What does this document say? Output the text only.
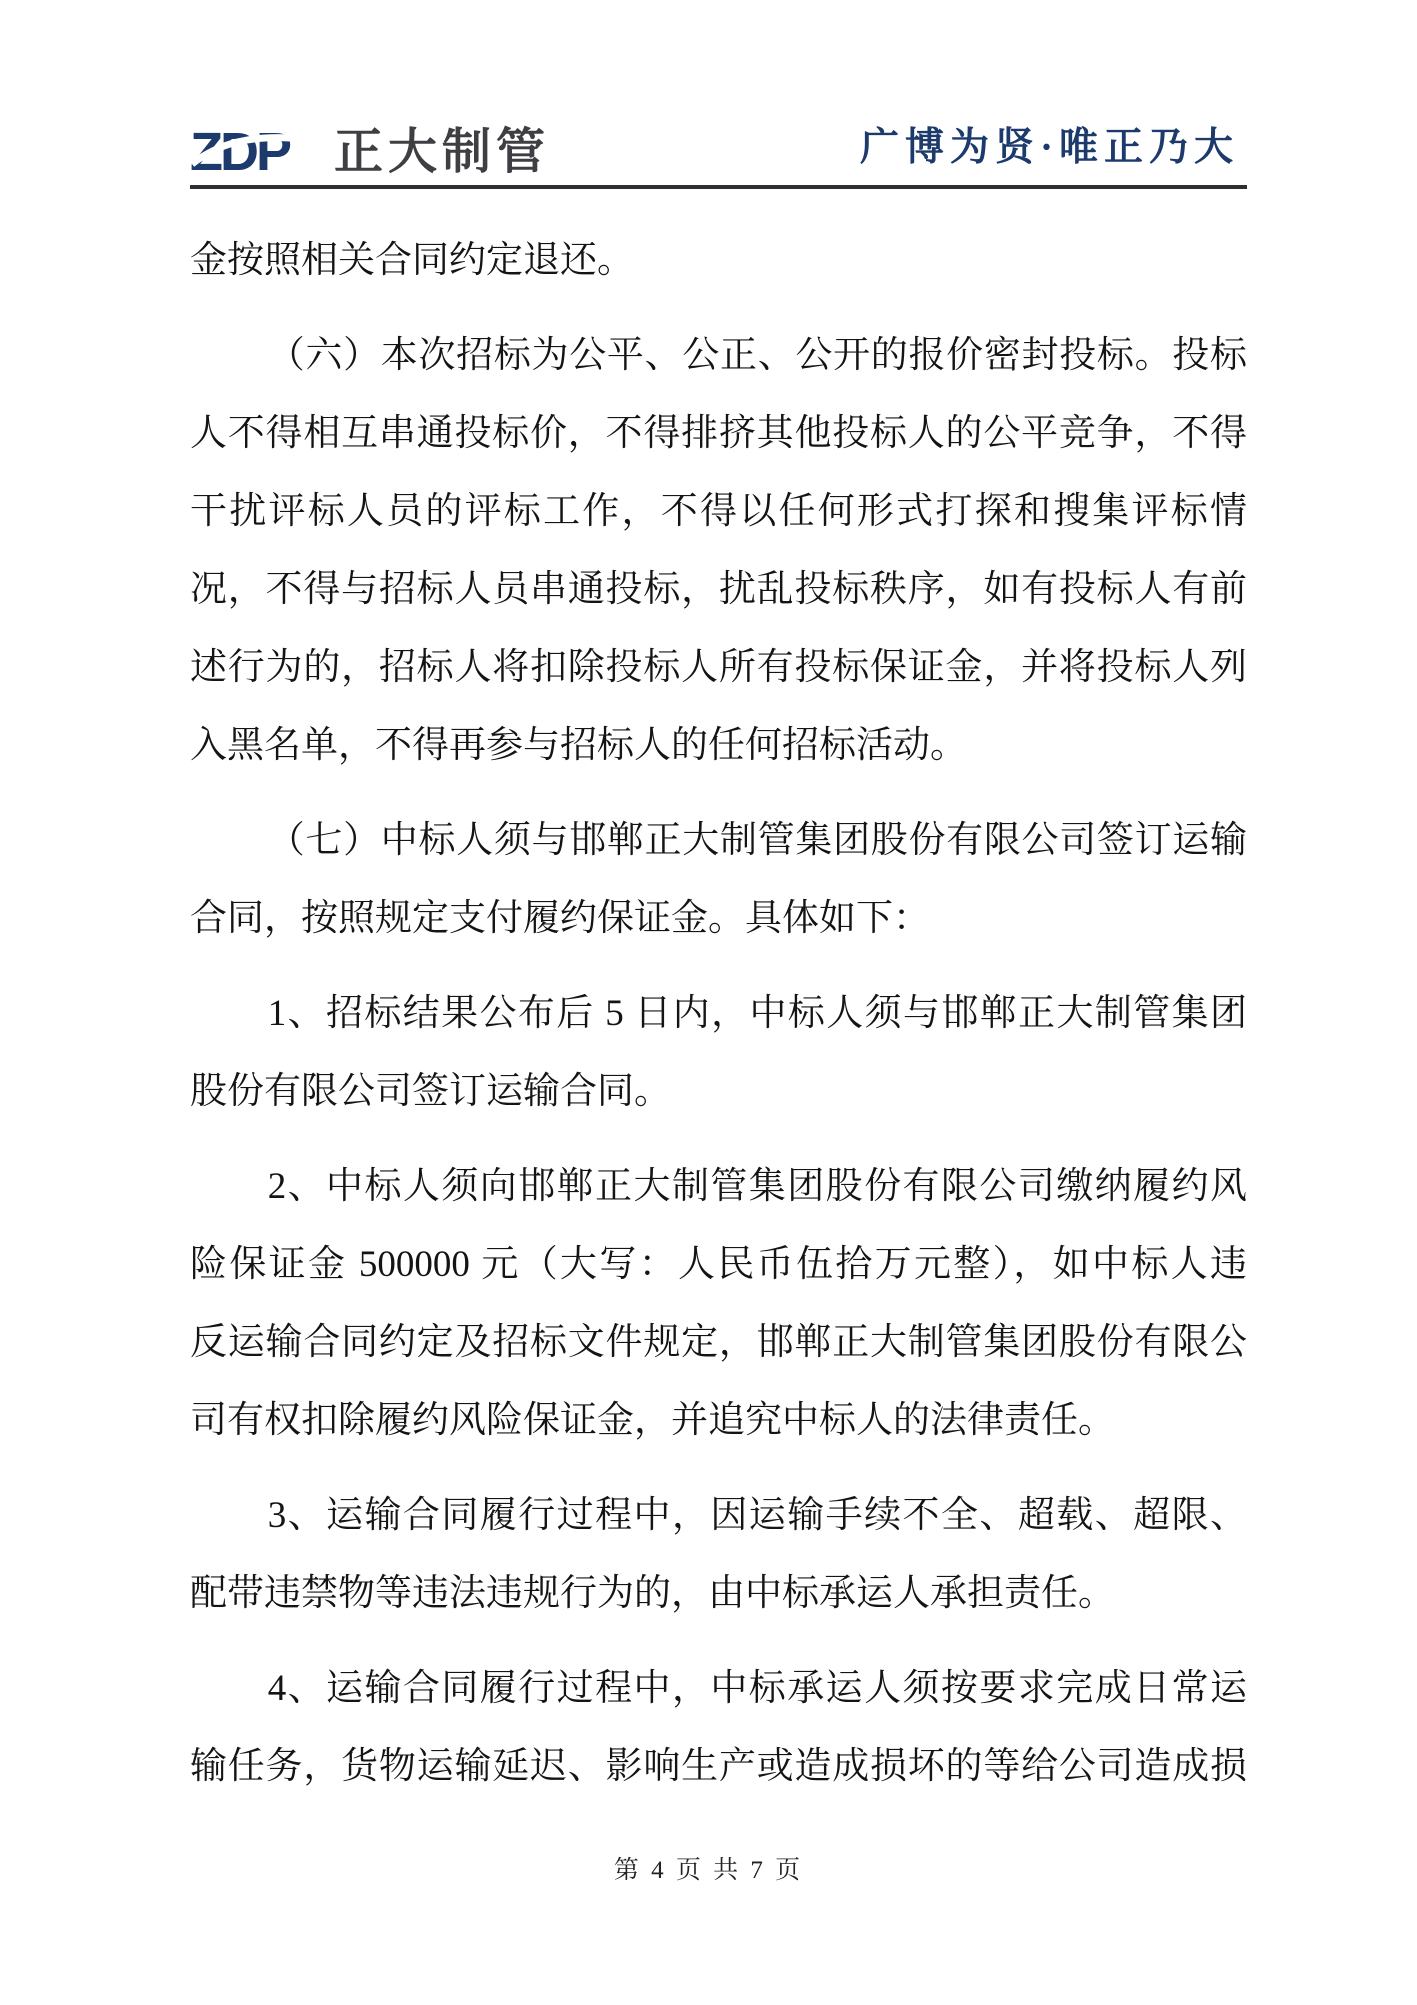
ZDP 正大制管	广博为贤·唯正乃大
金按照相关合同约定退还。
（六）本次招标为公平、公正、公开的报价密封投标。投标
人不得相互串通投标价，不得排挤其他投标人的公平竞争，不得
干扰评标人员的评标工作，不得以任何形式打探和搜集评标情
况，不得与招标人员串通投标，扰乱投标秩序，如有投标人有前
述行为的，招标人将扣除投标人所有投标保证金，并将投标人列
入黑名单，不得再参与招标人的任何招标活动。
（七）中标人须与邯郸正大制管集团股份有限公司签订运输
合同，按照规定支付履约保证金。具体如下：
1、招标结果公布后 5 日内，中标人须与邯郸正大制管集团
股份有限公司签订运输合同。
2、中标人须向邯郸正大制管集团股份有限公司缴纳履约风
险保证金 500000 元（大写：人民币伍拾万元整），如中标人违
反运输合同约定及招标文件规定，邯郸正大制管集团股份有限公
司有权扣除履约风险保证金，并追究中标人的法律责任。
3、运输合同履行过程中，因运输手续不全、超载、超限、
配带违禁物等违法违规行为的，由中标承运人承担责任。
4、运输合同履行过程中，中标承运人须按要求完成日常运
输任务，货物运输延迟、影响生产或造成损坏的等给公司造成损
第 4 页 共 7 页
